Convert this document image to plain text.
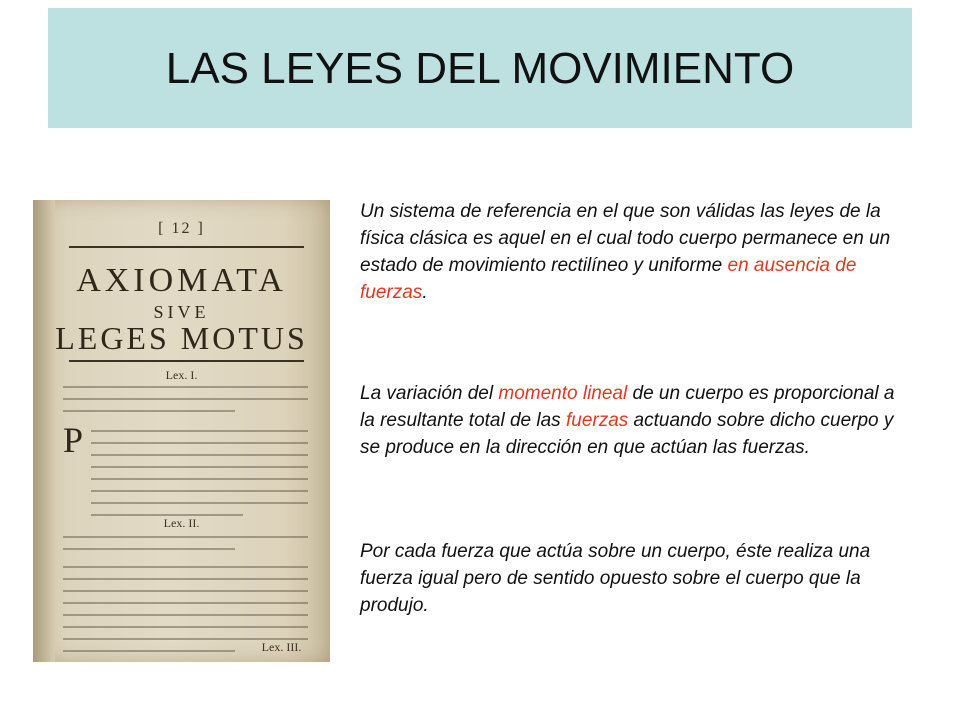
LAS LEYES DEL MOVIMIENTO
[ 12 ]
AXIOMATA
SIVE
LEGES MOTUS
Lex. I.
P
Lex. II.
Lex. III.
Un sistema de referencia en el que son válidas las leyes de la física clásica es aquel en el cual todo cuerpo permanece en un estado de movimiento rectilíneo y uniforme en ausencia de fuerzas.
La variación del momento lineal de un cuerpo es proporcional a la resultante total de las fuerzas actuando sobre dicho cuerpo y se produce en la dirección en que actúan las fuerzas.
Por cada fuerza que actúa sobre un cuerpo, éste realiza una fuerza igual pero de sentido opuesto sobre el cuerpo que la produjo.
